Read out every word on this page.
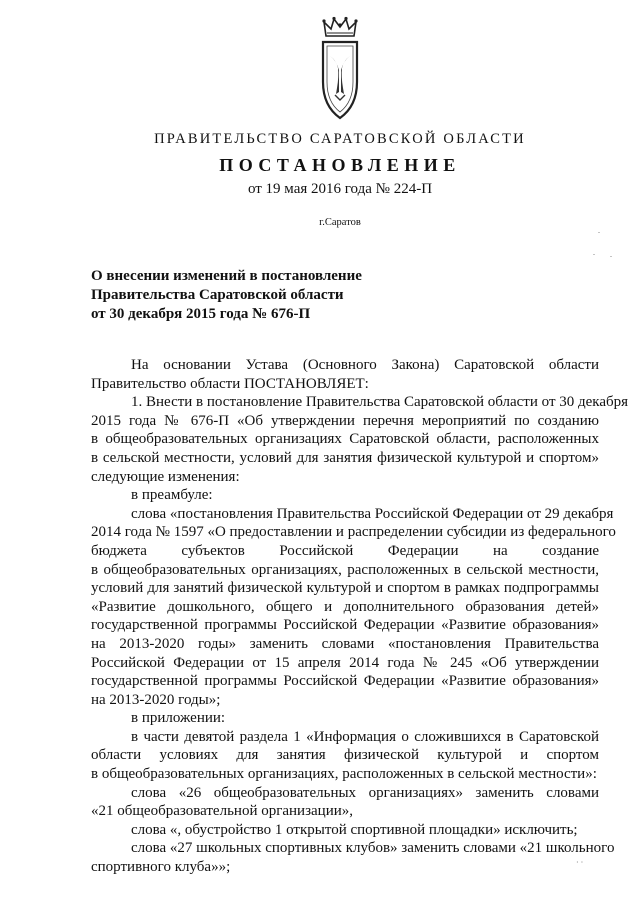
ПРАВИТЕЛЬСТВО САРАТОВСКОЙ ОБЛАСТИ
ПОСТАНОВЛЕНИЕ
от 19 мая 2016 года № 224-П
г.Саратов
.
. .
О внесении изменений в постановление
Правительства Саратовской области
от 30 декабря 2015 года № 676-П
На основании Устава (Основного Закона) Саратовской области
Правительство области ПОСТАНОВЛЯЕТ:
1. Внести в постановление Правительства Саратовской области от 30 декабря
2015 года № 676-П «Об утверждении перечня мероприятий по созданию
в общеобразовательных организациях Саратовской области, расположенных
в сельской местности, условий для занятия физической культурой и спортом»
следующие изменения:
в преамбуле:
слова «постановления Правительства Российской Федерации от 29 декабря
2014 года № 1597 «О предоставлении и распределении субсидии из федерального
бюджета субъектов Российской Федерации на создание
в общеобразовательных организациях, расположенных в сельской местности,
условий для занятий физической культурой и спортом в рамках подпрограммы
«Развитие дошкольного, общего и дополнительного образования детей»
государственной программы Российской Федерации «Развитие образования»
на 2013-2020 годы» заменить словами «постановления Правительства
Российской Федерации от 15 апреля 2014 года № 245 «Об утверждении
государственной программы Российской Федерации «Развитие образования»
на 2013-2020 годы»;
в приложении:
в части девятой раздела 1 «Информация о сложившихся в Саратовской
области условиях для занятия физической культурой и спортом
в общеобразовательных организациях, расположенных в сельской местности»:
слова «26 общеобразовательных организациях» заменить словами
«21 общеобразовательной организации»,
слова «, обустройство 1 открытой спортивной площадки» исключить;
слова «27 школьных спортивных клубов» заменить словами «21 школьного
спортивного клуба»»;	· ·
